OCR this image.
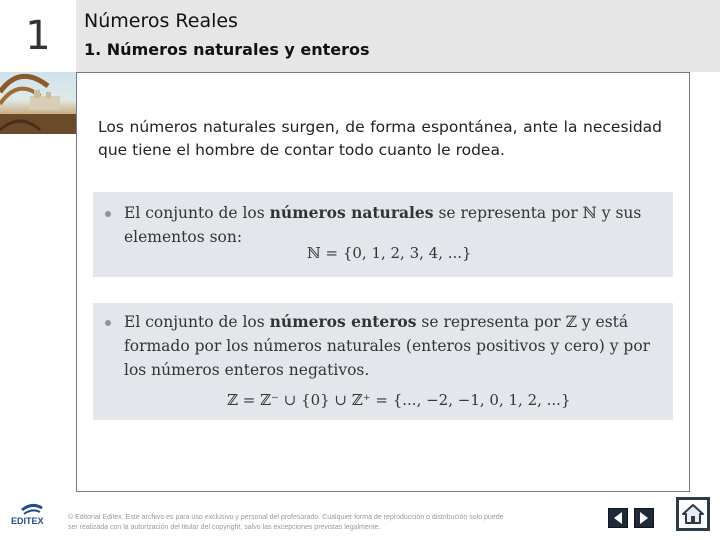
1	Números Reales
1. Números naturales y enteros

Los números naturales surgen, de forma espontánea, ante la necesidad que tiene el hombre de contar todo cuanto le rodea.

El conjunto de los números naturales se representa por ℕ y sus elementos son:
ℕ = {0, 1, 2, 3, 4, ...}
El conjunto de los números enteros se representa por ℤ y está formado por los números naturales (enteros positivos y cero) y por los números enteros negativos.
ℤ = ℤ⁻ ∪ {0} ∪ ℤ⁺ = {..., −2, −1, 0, 1, 2, ...}
EDITEX	© Editorial Editex. Este archivo es para uso exclusivo y personal del profesorado. Cualquier forma de reproducción o distribución solo puede ser realizada con la autorización del titular del copyright, salvo las excepciones previstas legalmente.
